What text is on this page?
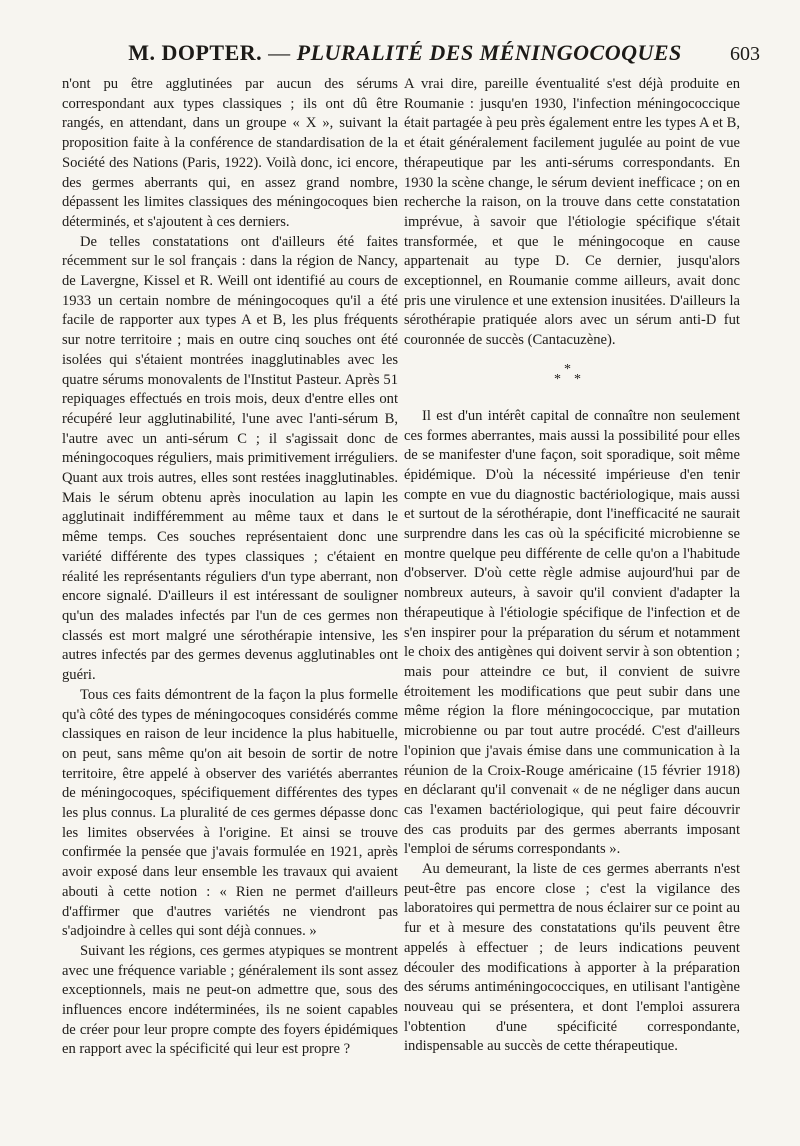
M. DOPTER. — PLURALITÉ DES MÉNINGOCOQUES	603

n'ont pu être agglutinées par aucun des sérums correspondant aux types classiques ; ils ont dû être rangés, en attendant, dans un groupe « X », suivant la proposition faite à la conférence de standardisation de la Société des Nations (Paris, 1922). Voilà donc, ici encore, des germes aberrants qui, en assez grand nombre, dépassent les limites classiques des méningocoques bien déterminés, et s'ajoutent à ces derniers.

De telles constatations ont d'ailleurs été faites récemment sur le sol français : dans la région de Nancy, de Lavergne, Kissel et R. Weill ont identifié au cours de 1933 un certain nombre de méningocoques qu'il a été facile de rapporter aux types A et B, les plus fréquents sur notre territoire ; mais en outre cinq souches ont été isolées qui s'étaient montrées inagglutinables avec les quatre sérums monovalents de l'Institut Pasteur. Après 51 repiquages effectués en trois mois, deux d'entre elles ont récupéré leur agglutinabilité, l'une avec l'anti-sérum B, l'autre avec un anti-sérum C ; il s'agissait donc de méningocoques réguliers, mais primitivement irréguliers. Quant aux trois autres, elles sont restées inagglutinables. Mais le sérum obtenu après inoculation au lapin les agglutinait indifféremment au même taux et dans le même temps. Ces souches représentaient donc une variété différente des types classiques ; c'étaient en réalité les représentants réguliers d'un type aberrant, non encore signalé. D'ailleurs il est intéressant de souligner qu'un des malades infectés par l'un de ces germes non classés est mort malgré une sérothérapie intensive, les autres infectés par des germes devenus agglutinables ont guéri.

Tous ces faits démontrent de la façon la plus formelle qu'à côté des types de méningocoques considérés comme classiques en raison de leur incidence la plus habituelle, on peut, sans même qu'on ait besoin de sortir de notre territoire, être appelé à observer des variétés aberrantes de méningocoques, spécifiquement différentes des types les plus connus. La pluralité de ces germes dépasse donc les limites observées à l'origine. Et ainsi se trouve confirmée la pensée que j'avais formulée en 1921, après avoir exposé dans leur ensemble les travaux qui avaient abouti à cette notion : « Rien ne permet d'ailleurs d'affirmer que d'autres variétés ne viendront pas s'adjoindre à celles qui sont déjà connues. »

Suivant les régions, ces germes atypiques se montrent avec une fréquence variable ; généralement ils sont assez exceptionnels, mais ne peut-on admettre que, sous des influences encore indéterminées, ils ne soient capables de créer pour leur propre compte des foyers épidémiques en rapport avec la spécificité qui leur est propre ?

A vrai dire, pareille éventualité s'est déjà produite en Roumanie : jusqu'en 1930, l'infection méningococcique était partagée à peu près également entre les types A et B, et était généralement facilement jugulée au point de vue thérapeutique par les anti-sérums correspondants. En 1930 la scène change, le sérum devient inefficace ; on en recherche la raison, on la trouve dans cette constatation imprévue, à savoir que l'étiologie spécifique s'était transformée, et que le méningocoque en cause appartenait au type D. Ce dernier, jusqu'alors exceptionnel, en Roumanie comme ailleurs, avait donc pris une virulence et une extension inusitées. D'ailleurs la sérothérapie pratiquée alors avec un sérum anti-D fut couronnée de succès (Cantacuzène).

*
* *

Il est d'un intérêt capital de connaître non seulement ces formes aberrantes, mais aussi la possibilité pour elles de se manifester d'une façon, soit sporadique, soit même épidémique. D'où la nécessité impérieuse d'en tenir compte en vue du diagnostic bactériologique, mais aussi et surtout de la sérothérapie, dont l'inefficacité ne saurait surprendre dans les cas où la spécificité microbienne se montre quelque peu différente de celle qu'on a l'habitude d'observer. D'où cette règle admise aujourd'hui par de nombreux auteurs, à savoir qu'il convient d'adapter la thérapeutique à l'étiologie spécifique de l'infection et de s'en inspirer pour la préparation du sérum et notamment le choix des antigènes qui doivent servir à son obtention ; mais pour atteindre ce but, il convient de suivre étroitement les modifications que peut subir dans une même région la flore méningococcique, par mutation microbienne ou par tout autre procédé. C'est d'ailleurs l'opinion que j'avais émise dans une communication à la réunion de la Croix-Rouge américaine (15 février 1918) en déclarant qu'il convenait « de ne négliger dans aucun cas l'examen bactériologique, qui peut faire découvrir des cas produits par des germes aberrants imposant l'emploi de sérums correspondants ».

Au demeurant, la liste de ces germes aberrants n'est peut-être pas encore close ; c'est la vigilance des laboratoires qui permettra de nous éclairer sur ce point au fur et à mesure des constatations qu'ils peuvent être appelés à effectuer ; de leurs indications peuvent découler des modifications à apporter à la préparation des sérums antiméningococciques, en utilisant l'antigène nouveau qui se présentera, et dont l'emploi assurera l'obtention d'une spécificité correspondante, indispensable au succès de cette thérapeutique.
